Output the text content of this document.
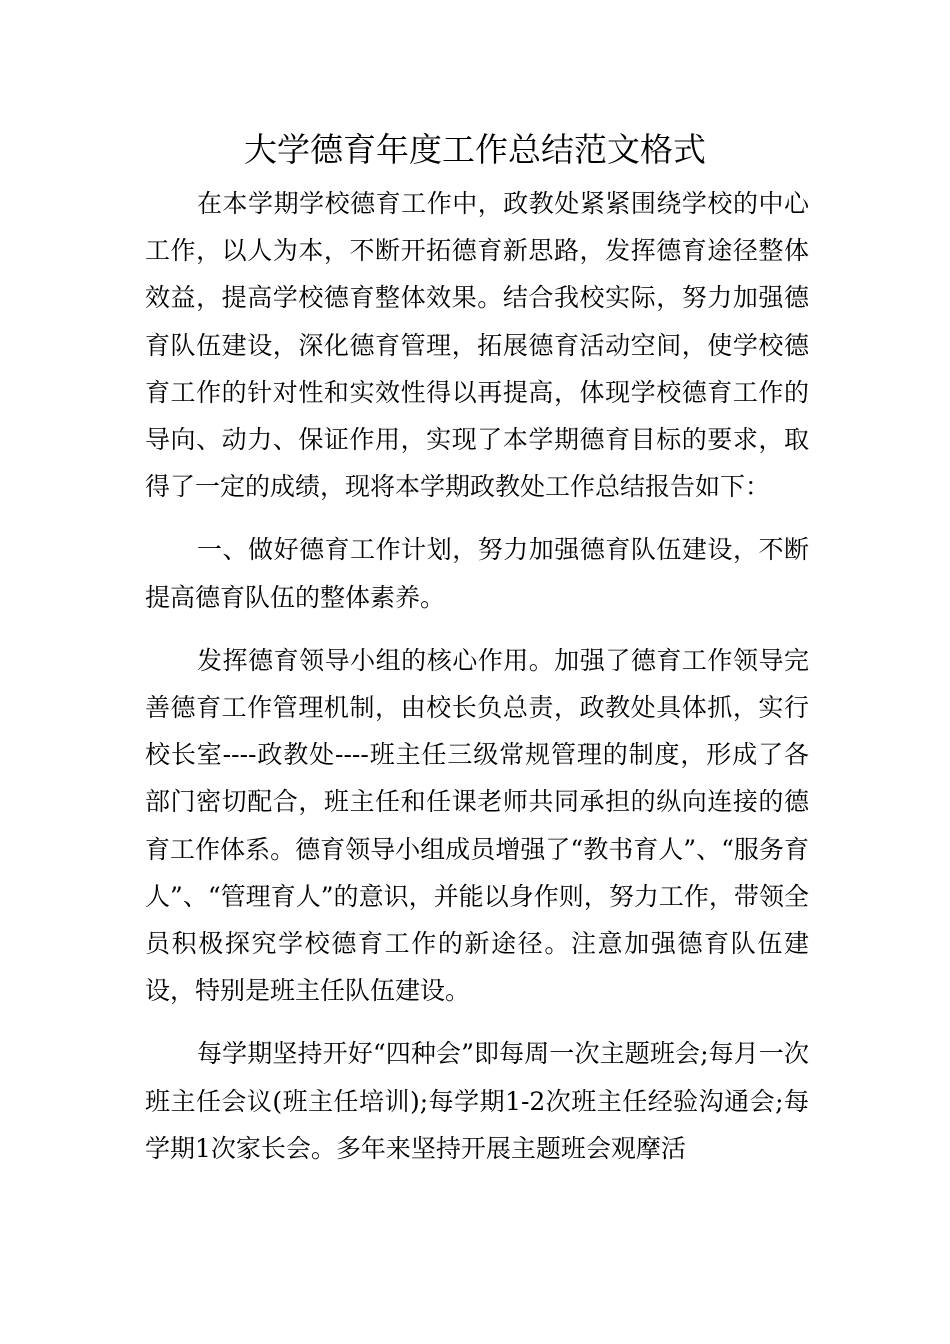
大学德育年度工作总结范文格式

在本学期学校德育工作中，政教处紧紧围绕学校的中心工作，以人为本，不断开拓德育新思路，发挥德育途径整体效益，提高学校德育整体效果。结合我校实际，努力加强德育队伍建设，深化德育管理，拓展德育活动空间，使学校德育工作的针对性和实效性得以再提高，体现学校德育工作的导向、动力、保证作用，实现了本学期德育目标的要求，取得了一定的成绩，现将本学期政教处工作总结报告如下：

一、做好德育工作计划，努力加强德育队伍建设，不断提高德育队伍的整体素养。

发挥德育领导小组的核心作用。加强了德育工作领导完善德育工作管理机制，由校长负总责，政教处具体抓，实行校长室----政教处----班主任三级常规管理的制度，形成了各部门密切配合，班主任和任课老师共同承担的纵向连接的德育工作体系。德育领导小组成员增强了“教书育人”、“服务育人”、“管理育人”的意识，并能以身作则，努力工作，带领全员积极探究学校德育工作的新途径。注意加强德育队伍建设，特别是班主任队伍建设。

每学期坚持开好“四种会”即每周一次主题班会;每月一次班主任会议(班主任培训);每学期1-2次班主任经验沟通会;每学期1次家长会。多年来坚持开展主题班会观摩活
